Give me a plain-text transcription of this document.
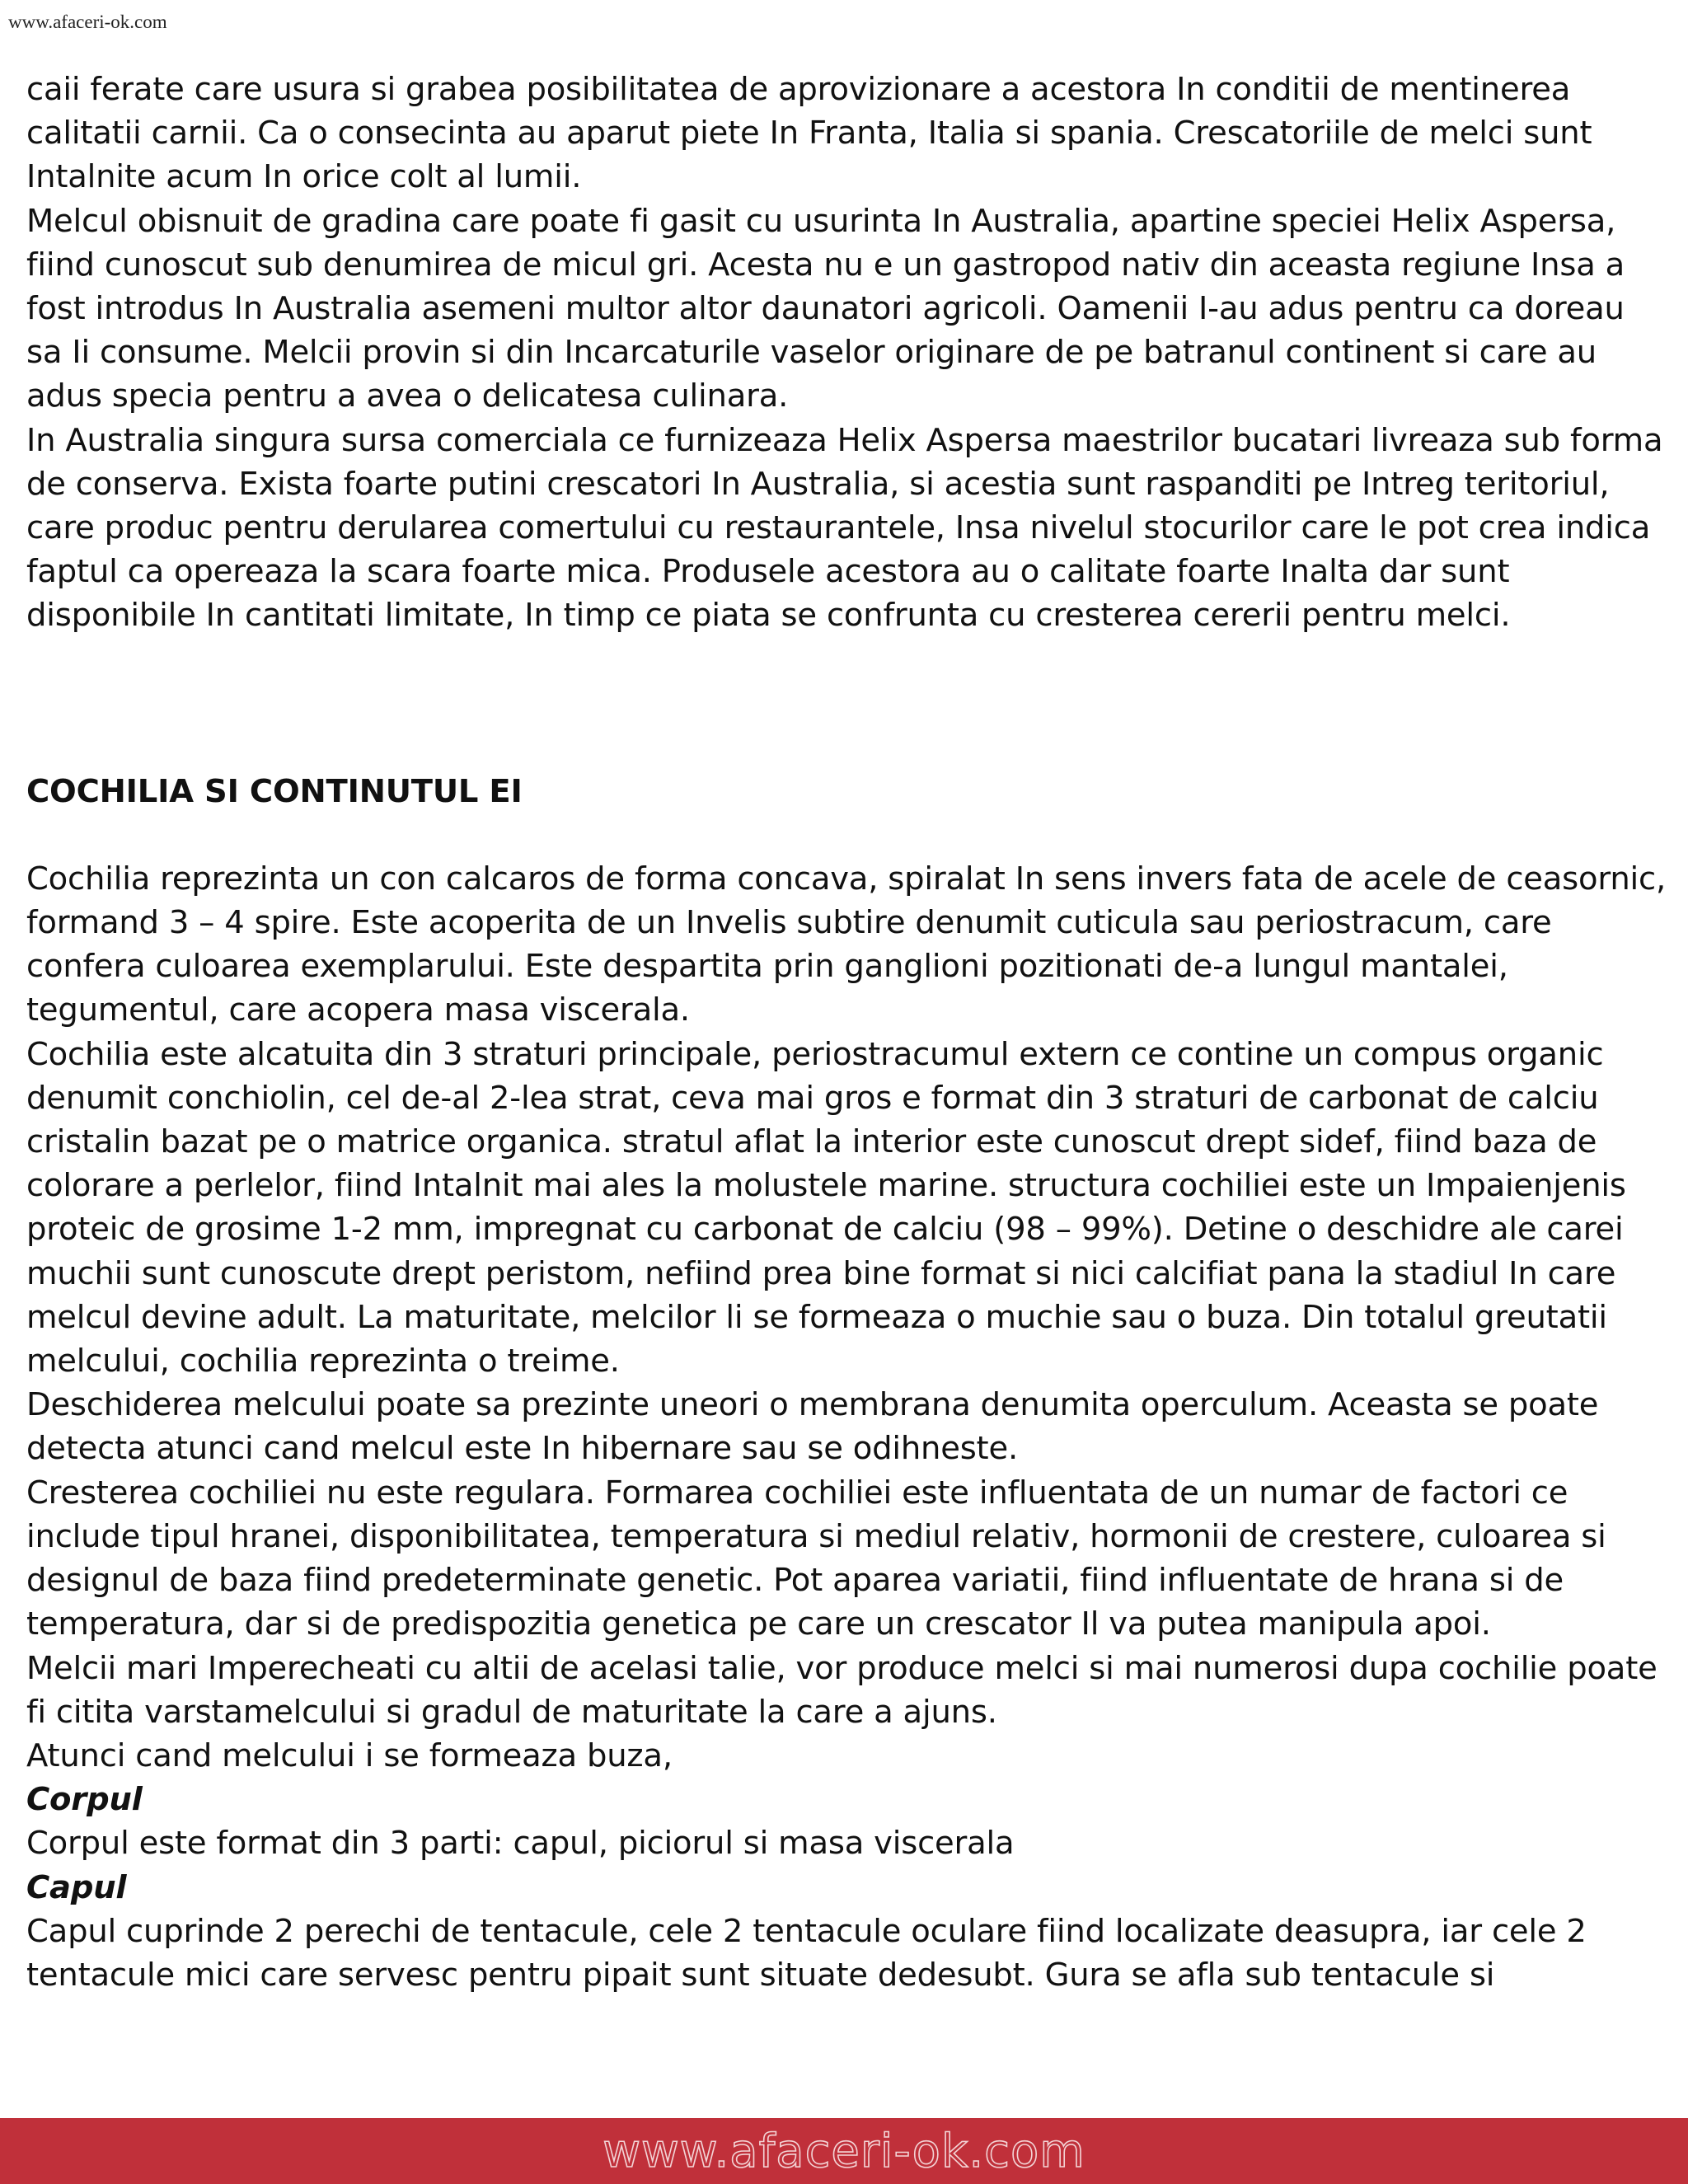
www.afaceri-ok.com

caii ferate care usura si grabea posibilitatea de aprovizionare a acestora In conditii de mentinerea calitatii carnii. Ca o consecinta au aparut piete In Franta, Italia si spania. Crescatoriile de melci sunt Intalnite acum In orice colt al lumii.

Melcul obisnuit de gradina care poate fi gasit cu usurinta In Australia, apartine speciei Helix Aspersa, fiind cunoscut sub denumirea de micul gri. Acesta nu e un gastropod nativ din aceasta regiune Insa a fost introdus In Australia asemeni multor altor daunatori agricoli. Oamenii I-au adus pentru ca doreau sa Ii consume. Melcii provin si din Incarcaturile vaselor originare de pe batranul continent si care au adus specia pentru a avea o delicatesa culinara.

In Australia singura sursa comerciala ce furnizeaza Helix Aspersa maestrilor bucatari livreaza sub forma de conserva. Exista foarte putini crescatori In Australia, si acestia sunt raspanditi pe Intreg teritoriul, care produc pentru derularea comertului cu restaurantele, Insa nivelul stocurilor care le pot crea indica faptul ca opereaza la scara foarte mica. Produsele acestora au o calitate foarte Inalta dar sunt disponibile In cantitati limitate, In timp ce piata se confrunta cu cresterea cererii pentru melci.

COCHILIA SI CONTINUTUL EI

Cochilia reprezinta un con calcaros de forma concava, spiralat In sens invers fata de acele de ceasornic, formand 3 – 4 spire. Este acoperita de un Invelis subtire denumit cuticula sau periostracum, care confera culoarea exemplarului. Este despartita prin ganglioni pozitionati de-a lungul mantalei, tegumentul, care acopera masa viscerala.

Cochilia este alcatuita din 3 straturi principale, periostracumul extern ce contine un compus organic denumit conchiolin, cel de-al 2-lea strat, ceva mai gros e format din 3 straturi de carbonat de calciu cristalin bazat pe o matrice organica. stratul aflat la interior este cunoscut drept sidef, fiind baza de colorare a perlelor, fiind Intalnit mai ales la molustele marine. structura cochiliei este un Impaienjenis proteic de grosime 1-2 mm, impregnat cu carbonat de calciu (98 – 99%). Detine o deschidre ale carei muchii sunt cunoscute drept peristom, nefiind prea bine format si nici calcifiat pana la stadiul In care melcul devine adult. La maturitate, melcilor li se formeaza o muchie sau o buza. Din totalul greutatii melcului, cochilia reprezinta o treime.

Deschiderea melcului poate sa prezinte uneori o membrana denumita operculum. Aceasta se poate detecta atunci cand melcul este In hibernare sau se odihneste.

Cresterea cochiliei nu este regulara. Formarea cochiliei este influentata de un numar de factori ce include tipul hranei, disponibilitatea, temperatura si mediul relativ, hormonii de crestere, culoarea si designul de baza fiind predeterminate genetic. Pot aparea variatii, fiind influentate de hrana si de temperatura, dar si de predispozitia genetica pe care un crescator Il va putea manipula apoi.

Melcii mari Imperecheati cu altii de acelasi talie, vor produce melci si mai numerosi dupa cochilie poate fi citita varstamelcului si gradul de maturitate la care a ajuns.

Atunci cand melcului i se formeaza buza,

Corpul

Corpul este format din 3 parti: capul, piciorul si masa viscerala

Capul

Capul cuprinde 2 perechi de tentacule, cele 2 tentacule oculare fiind localizate deasupra, iar cele 2 tentacule mici care servesc pentru pipait sunt situate dedesubt. Gura se afla sub tentacule si

www.afaceri-ok.com
